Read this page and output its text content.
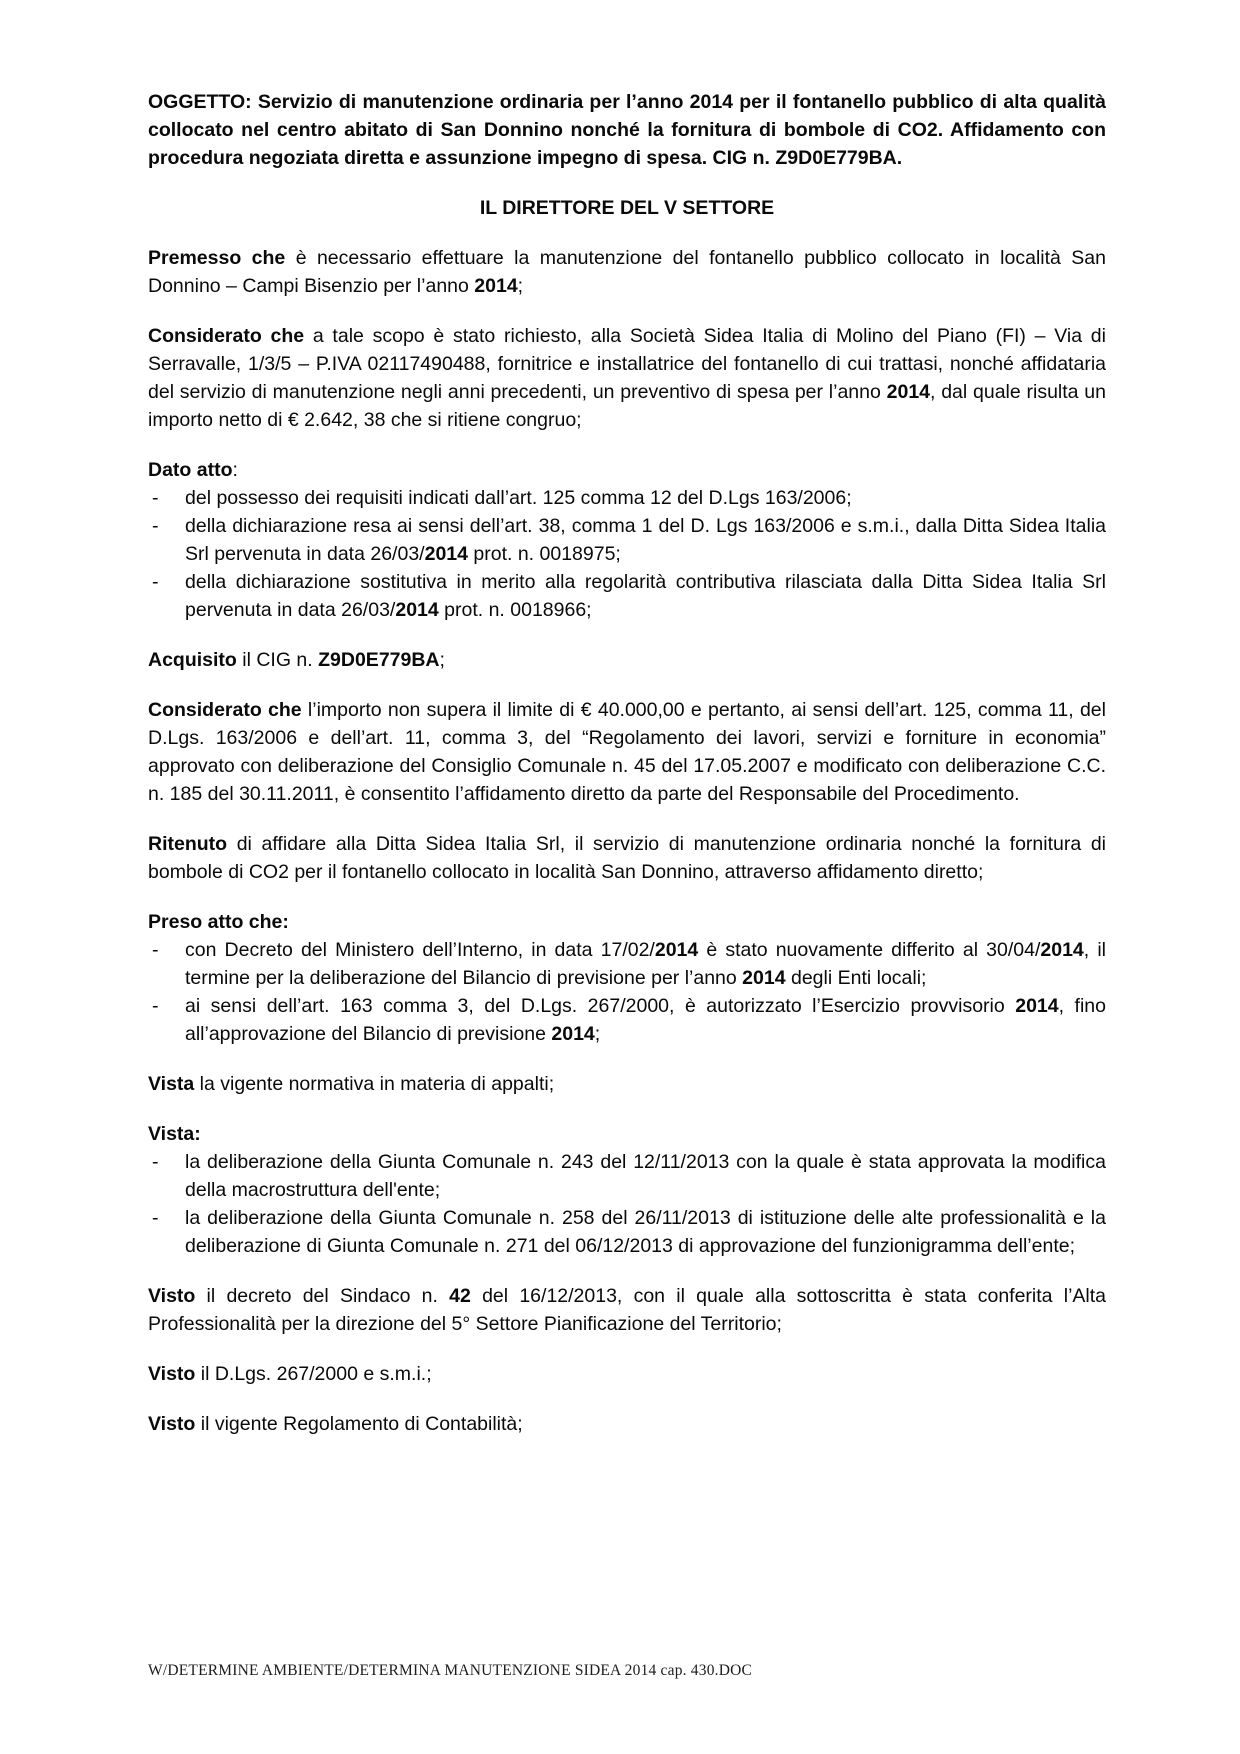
OGGETTO: Servizio di manutenzione ordinaria per l’anno 2014 per il fontanello pubblico di alta qualità collocato nel centro abitato di San Donnino nonché la fornitura di bombole di CO2. Affidamento con procedura negoziata diretta e assunzione impegno di spesa. CIG n. Z9D0E779BA.

IL DIRETTORE DEL V SETTORE

Premesso che è necessario effettuare la manutenzione del fontanello pubblico collocato in località San Donnino – Campi Bisenzio per l’anno 2014;

Considerato che a tale scopo è stato richiesto, alla Società Sidea Italia di Molino del Piano (FI) – Via di Serravalle, 1/3/5 – P.IVA 02117490488, fornitrice e installatrice del fontanello di cui trattasi, nonché affidataria del servizio di manutenzione negli anni precedenti, un preventivo di spesa per l’anno 2014, dal quale risulta un importo netto di € 2.642, 38 che si ritiene congruo;

Dato atto:

-	del possesso dei requisiti indicati dall’art. 125 comma 12 del D.Lgs 163/2006;
-	della dichiarazione resa ai sensi dell’art. 38, comma 1 del D. Lgs 163/2006 e s.m.i., dalla Ditta Sidea Italia Srl pervenuta in data 26/03/2014 prot. n. 0018975;
-	della dichiarazione sostitutiva in merito alla regolarità contributiva rilasciata dalla Ditta Sidea Italia Srl pervenuta in data 26/03/2014 prot. n. 0018966;

Acquisito il CIG n. Z9D0E779BA;

Considerato che l’importo non supera il limite di € 40.000,00 e pertanto, ai sensi dell’art. 125, comma 11, del D.Lgs. 163/2006 e dell’art. 11, comma 3, del “Regolamento dei lavori, servizi e forniture in economia” approvato con deliberazione del Consiglio Comunale n. 45 del 17.05.2007 e modificato con deliberazione C.C. n. 185 del 30.11.2011, è consentito l’affidamento diretto da parte del Responsabile del Procedimento.

Ritenuto di affidare alla Ditta Sidea Italia Srl, il servizio di manutenzione ordinaria nonché la fornitura di bombole di CO2 per il fontanello collocato in località San Donnino, attraverso affidamento diretto;

Preso atto che:

-	con Decreto del Ministero dell’Interno, in data 17/02/2014 è stato nuovamente differito al 30/04/2014, il termine per la deliberazione del Bilancio di previsione per l’anno 2014 degli Enti locali;
-	ai sensi dell’art. 163 comma 3, del D.Lgs. 267/2000, è autorizzato l’Esercizio provvisorio 2014, fino all’approvazione del Bilancio di previsione 2014;

Vista la vigente normativa in materia di appalti;

Vista:

-	la deliberazione della Giunta Comunale n. 243 del 12/11/2013 con la quale è stata approvata la modifica della macrostruttura dell'ente;
-	la deliberazione della Giunta Comunale n. 258 del 26/11/2013 di istituzione delle alte professionalità e la deliberazione di Giunta Comunale n. 271 del 06/12/2013 di approvazione del funzionigramma dell’ente;

Visto il decreto del Sindaco n. 42 del 16/12/2013, con il quale alla sottoscritta è stata conferita l’Alta Professionalità per la direzione del 5° Settore Pianificazione del Territorio;

Visto il D.Lgs. 267/2000 e s.m.i.;

Visto il vigente Regolamento di Contabilità;

W/DETERMINE AMBIENTE/DETERMINA MANUTENZIONE SIDEA 2014 cap. 430.DOC
